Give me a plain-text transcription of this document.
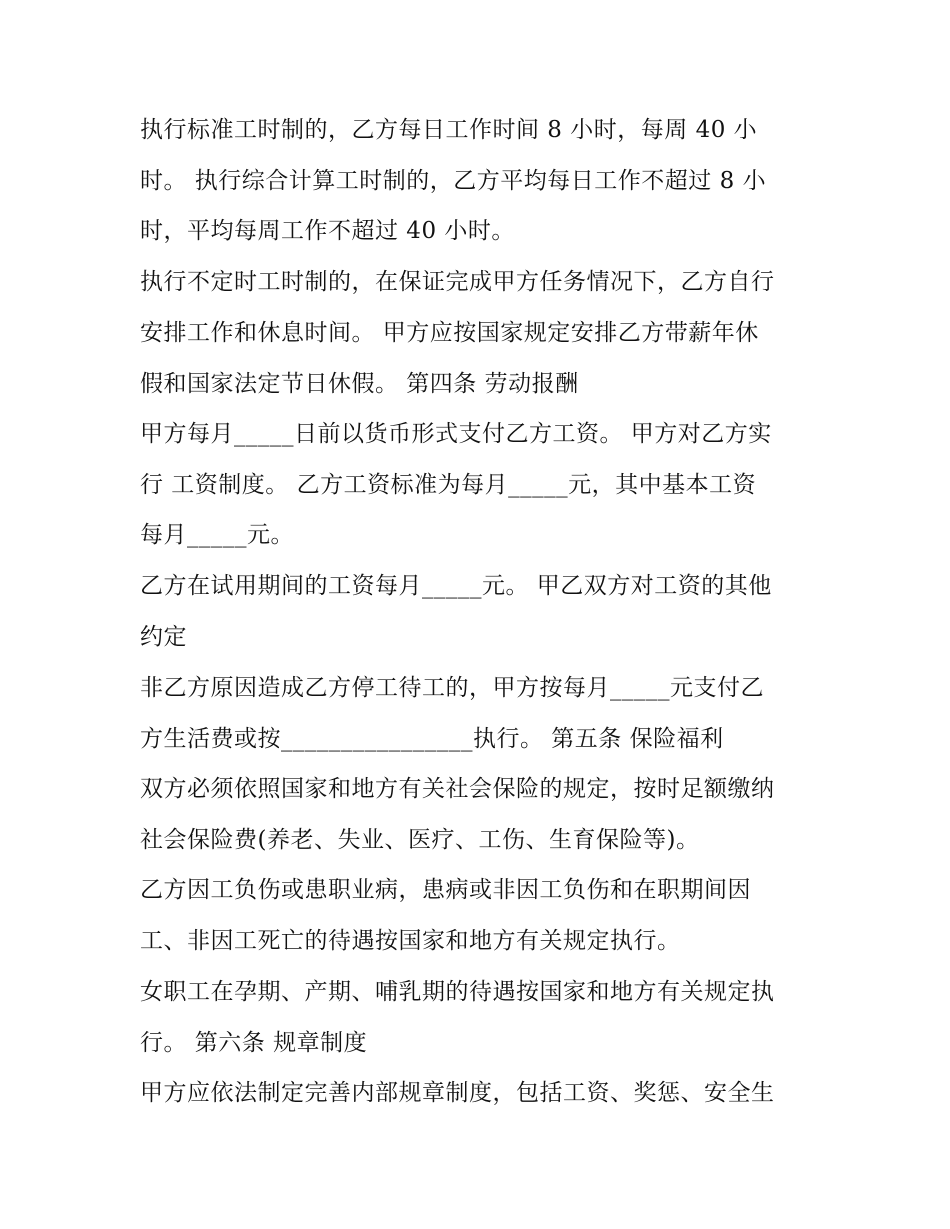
执行标准工时制的，乙方每日工作时间 8 小时，每周 40 小
时。 执行综合计算工时制的，乙方平均每日工作不超过 8 小
时，平均每周工作不超过 40 小时。
执行不定时工时制的，在保证完成甲方任务情况下，乙方自行
安排工作和休息时间。 甲方应按国家规定安排乙方带薪年休
假和国家法定节日休假。 第四条 劳动报酬
甲方每月_____日前以货币形式支付乙方工资。 甲方对乙方实
行 工资制度。 乙方工资标准为每月_____元，其中基本工资
每月_____元。
乙方在试用期间的工资每月_____元。 甲乙双方对工资的其他
约定
非乙方原因造成乙方停工待工的，甲方按每月_____元支付乙
方生活费或按________________执行。 第五条 保险福利
双方必须依照国家和地方有关社会保险的规定，按时足额缴纳
社会保险费(养老、失业、医疗、工伤、生育保险等)。
乙方因工负伤或患职业病，患病或非因工负伤和在职期间因
工、非因工死亡的待遇按国家和地方有关规定执行。
女职工在孕期、产期、哺乳期的待遇按国家和地方有关规定执
行。 第六条 规章制度
甲方应依法制定完善内部规章制度，包括工资、奖惩、安全生
